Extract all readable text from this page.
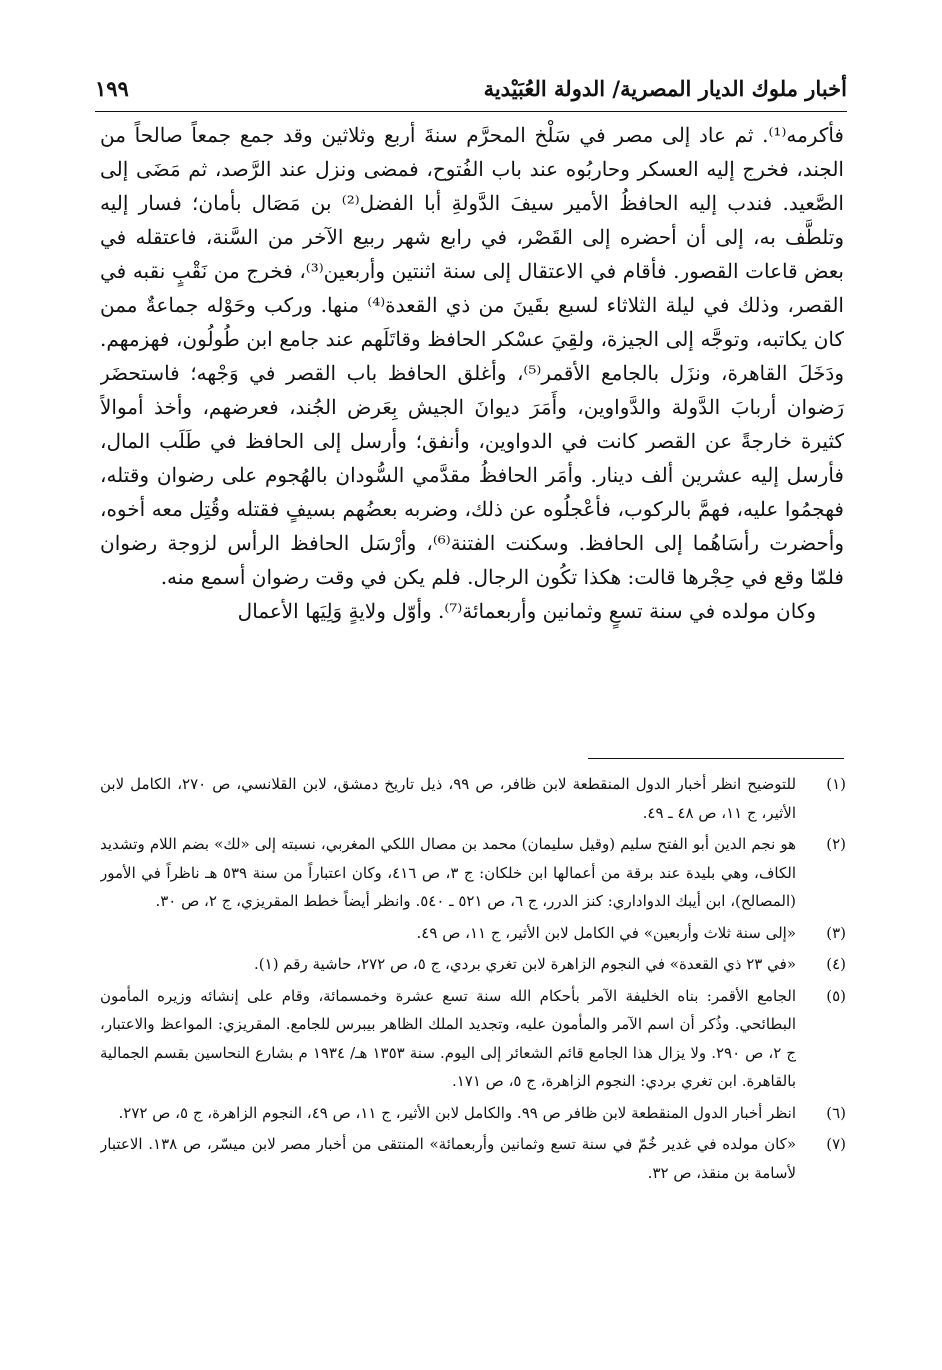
أخبار ملوك الديار المصرية/ الدولة العُبَيْدية
١٩٩

فأكرمه⁽¹⁾. ثم عاد إلى مصر في سَلْخ المحرَّم سنةَ أربع وثلاثين وقد جمع جمعاً صالحاً من الجند، فخرج إليه العسكر وحاربُوه عند باب الفُتوح، فمضى ونزل عند الرَّصد، ثم مَضَى إلى الصَّعيد. فندب إليه الحافظُ الأمير سيفَ الدَّولةِ أبا الفضل⁽²⁾ بن مَصَال بأمان؛ فسار إليه وتلطَّف به، إلى أن أحضره إلى القَصْر، في رابع شهر ربيع الآخر من السَّنة، فاعتقله في بعض قاعات القصور. فأقام في الاعتقال إلى سنة اثنتين وأربعين⁽³⁾، فخرج من نَقْبٍ نقبه في القصر، وذلك في ليلة الثلاثاء لسبع بقَينَ من ذي القعدة⁽⁴⁾ منها. وركب وحَوْله جماعةٌ ممن كان يكاتبه، وتوجَّه إلى الجيزة، ولقِيَ عسْكر الحافظ وقاتَلَهم عند جامع ابن طُولُون، فهزمهم. ودَخَلَ القاهرة، ونزَل بالجامع الأقمر⁽⁵⁾، وأغلق الحافظ باب القصر في وَجْهه؛ فاستحضَر رَضوان أربابَ الدَّولة والدَّواوين، وأَمَرَ ديوانَ الجيش بِعَرض الجُند، فعرضهم، وأخذ أموالاً كثيرة خارجةً عن القصر كانت في الدواوين، وأنفق؛ وأرسل إلى الحافظ في طَلَب المال، فأرسل إليه عشرين ألف دينار. وأمَر الحافظُ مقدَّمي السُّودان بالهُجوم على رضوان وقتله، فهجمُوا عليه، فهمَّ بالركوب، فأعْجلُوه عن ذلك، وضربه بعضُهم بسيفٍ فقتله وقُتِل معه أخوه، وأحضرت رأسَاهُما إلى الحافظ. وسكنت الفتنة⁽⁶⁾، وأرْسَل الحافظ الرأس لزوجة رضوان فلمّا وقع في حِجْرها قالت: هكذا تكُون الرجال. فلم يكن في وقت رضوان أسمع منه.

وكان مولده في سنة تسعٍ وثمانين وأربعمائة⁽⁷⁾. وأوّل ولايةٍ وَلِيَها الأعمال

(١)
للتوضيح انظر أخبار الدول المنقطعة لابن ظافر، ص ٩٩، ذيل تاريخ دمشق، لابن القلانسي، ص ٢٧٠، الكامل لابن الأثير، ج ١١، ص ٤٨ ـ ٤٩.
(٢)
هو نجم الدين أبو الفتح سليم (وقيل سليمان) محمد بن مصال اللكي المغربي، نسبته إلى «لك» بضم اللام وتشديد الكاف، وهي بليدة عند برقة من أعمالها ابن خلكان: ج ٣، ص ٤١٦، وكان اعتباراً من سنة ٥٣٩ هـ ناظراً في الأمور (المصالح)، ابن أيبك الدواداري: كنز الدرر، ج ٦، ص ٥٢١ ـ ٥٤٠. وانظر أيضاً خطط المقريزي، ج ٢، ص ٣٠.
(٣)
«إلى سنة ثلاث وأربعين» في الكامل لابن الأثير، ج ١١، ص ٤٩.
(٤)
«في ٢٣ ذي القعدة» في النجوم الزاهرة لابن تغري بردي، ج ٥، ص ٢٧٢، حاشية رقم (١).
(٥)
الجامع الأقمر: بناه الخليفة الآمر بأحكام الله سنة تسع عشرة وخمسمائة، وقام على إنشائه وزيره المأمون البطائحي. وذُكر أن اسم الآمر والمأمون عليه، وتجديد الملك الظاهر بيبرس للجامع. المقريزي: المواعظ والاعتبار، ج ٢، ص ٢٩٠. ولا يزال هذا الجامع قائم الشعائر إلى اليوم. سنة ١٣٥٣ هـ/ ١٩٣٤ م بشارع النحاسين بقسم الجمالية بالقاهرة. ابن تغري بردي: النجوم الزاهرة، ج ٥، ص ١٧١.
(٦)
انظر أخبار الدول المنقطعة لابن ظافر ص ٩٩. والكامل لابن الأثير، ج ١١، ص ٤٩، النجوم الزاهرة، ج ٥، ص ٢٧٢.
(٧)
«كان مولده في غدير خُمّ في سنة تسع وثمانين وأربعمائة» المنتقى من أخبار مصر لابن ميسّر، ص ١٣٨. الاعتبار لأسامة بن منقذ، ص ٣٢.
